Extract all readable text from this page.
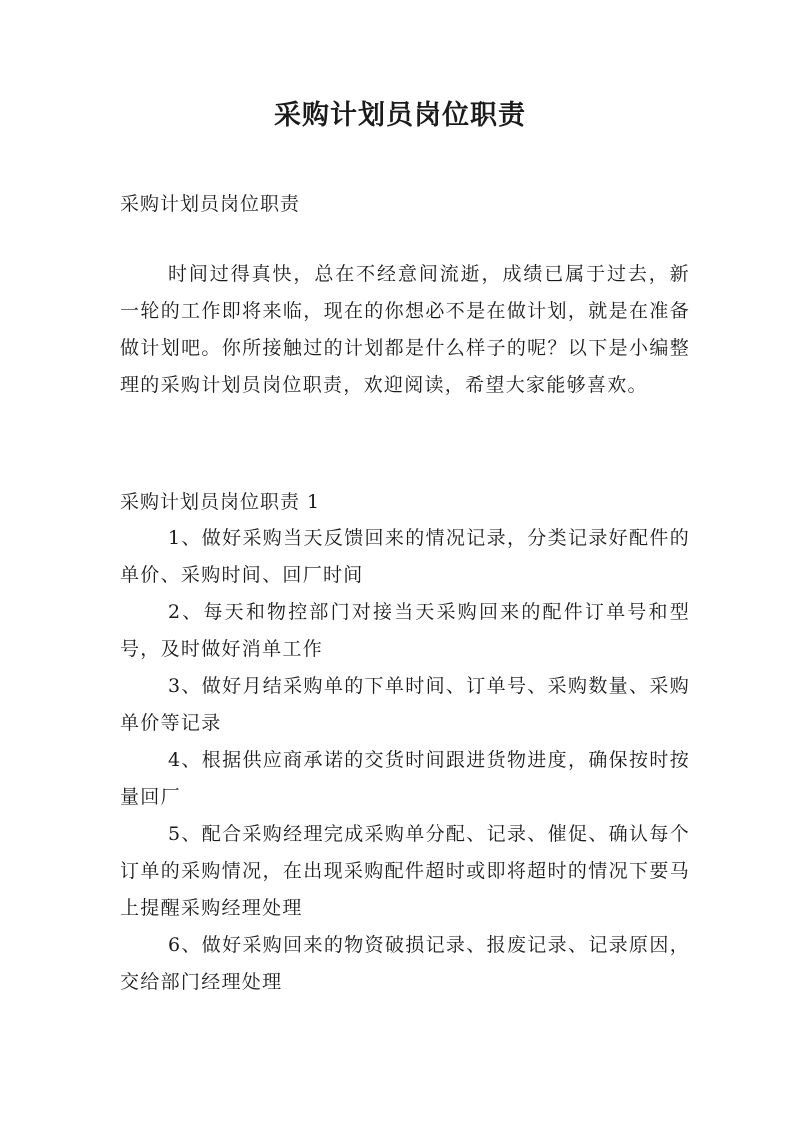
采购计划员岗位职责
采购计划员岗位职责

时间过得真快，总在不经意间流逝，成绩已属于过去，新一轮的工作即将来临，现在的你想必不是在做计划，就是在准备做计划吧。你所接触过的计划都是什么样子的呢？以下是小编整理的采购计划员岗位职责，欢迎阅读，希望大家能够喜欢。

采购计划员岗位职责 1

1、做好采购当天反馈回来的情况记录，分类记录好配件的单价、采购时间、回厂时间

2、每天和物控部门对接当天采购回来的配件订单号和型号，及时做好消单工作

3、做好月结采购单的下单时间、订单号、采购数量、采购单价等记录

4、根据供应商承诺的交货时间跟进货物进度，确保按时按量回厂

5、配合采购经理完成采购单分配、记录、催促、确认每个订单的采购情况，在出现采购配件超时或即将超时的情况下要马上提醒采购经理处理

6、做好采购回来的物资破损记录、报废记录、记录原因，交给部门经理处理
